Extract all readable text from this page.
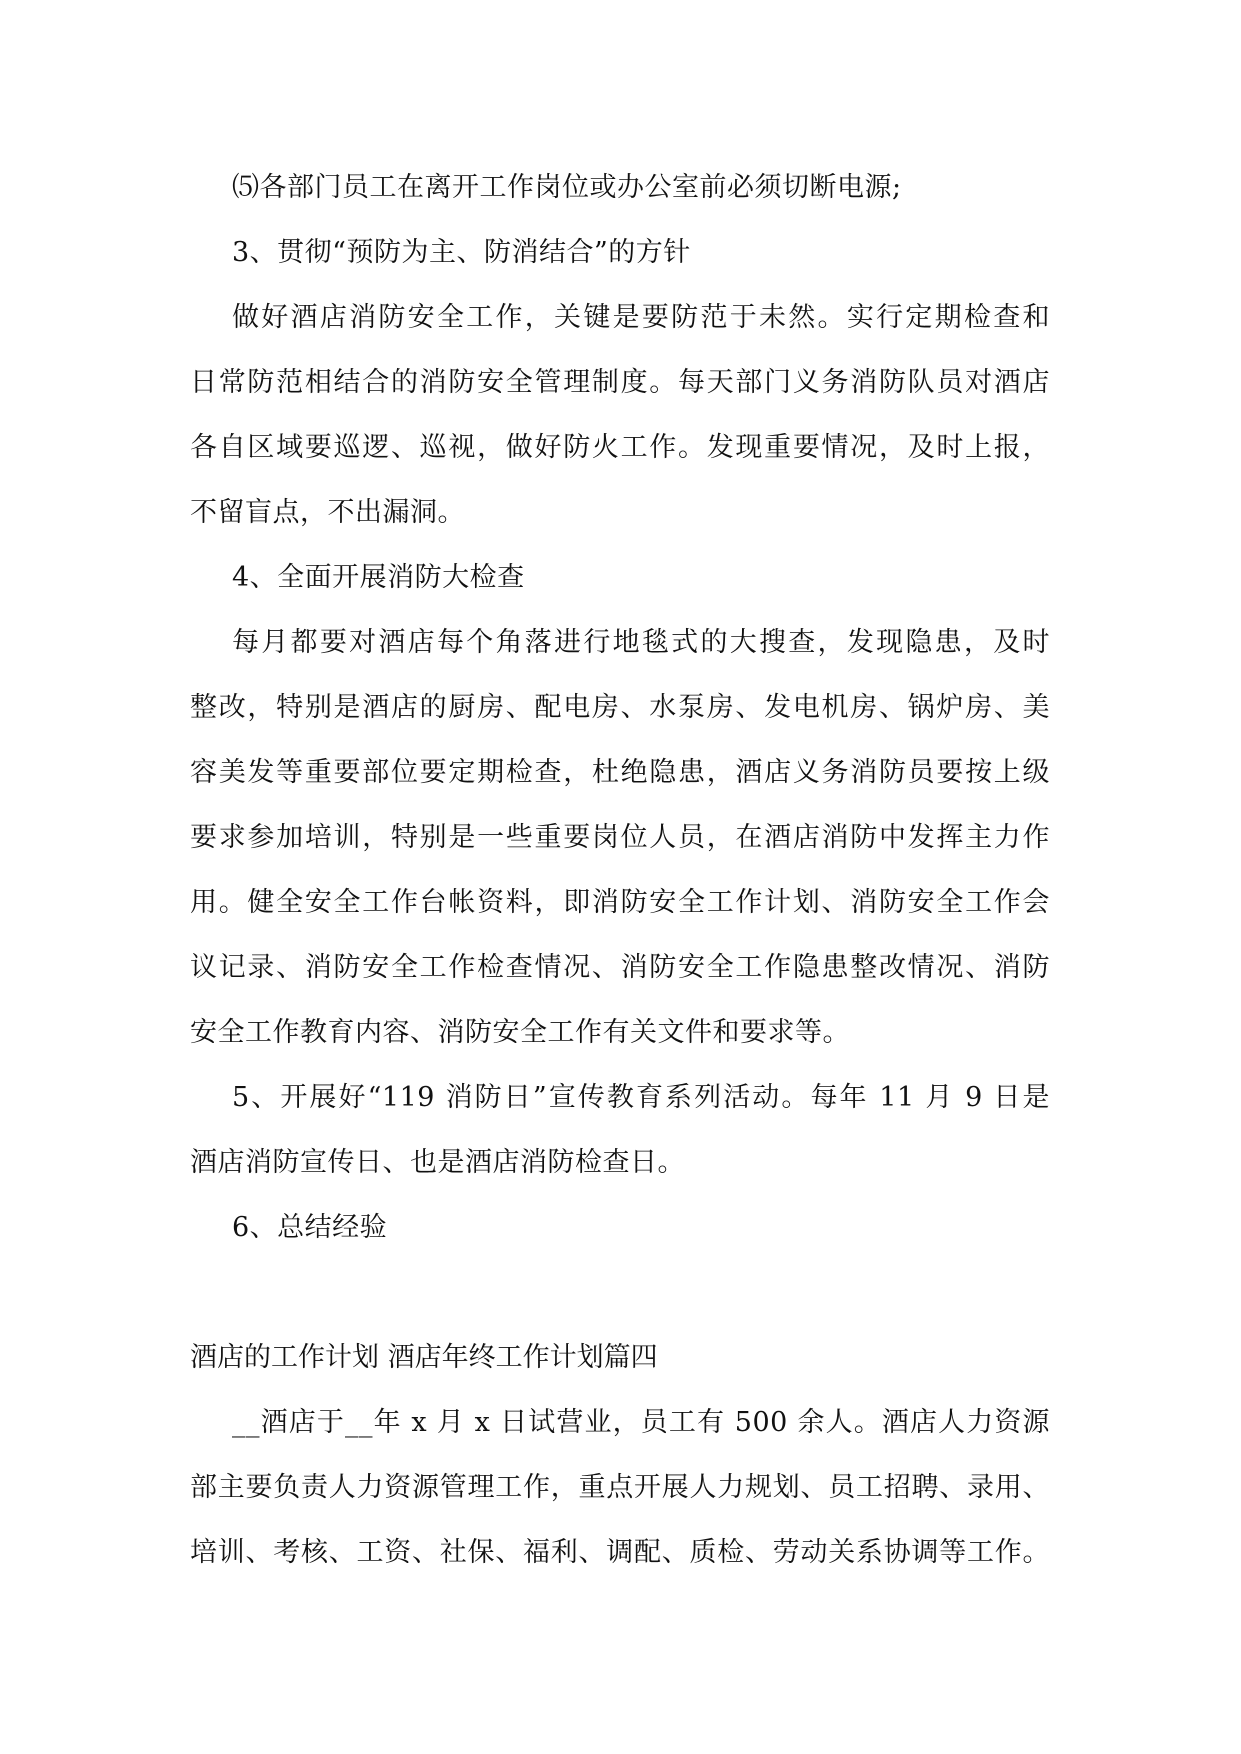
⑸各部门员工在离开工作岗位或办公室前必须切断电源;
3、贯彻“预防为主、防消结合”的方针
做好酒店消防安全工作，关键是要防范于未然。实行定期检查和
日常防范相结合的消防安全管理制度。每天部门义务消防队员对酒店
各自区域要巡逻、巡视，做好防火工作。发现重要情况，及时上报，
不留盲点，不出漏洞。
4、全面开展消防大检查
每月都要对酒店每个角落进行地毯式的大搜查，发现隐患，及时
整改，特别是酒店的厨房、配电房、水泵房、发电机房、锅炉房、美
容美发等重要部位要定期检查，杜绝隐患，酒店义务消防员要按上级
要求参加培训，特别是一些重要岗位人员，在酒店消防中发挥主力作
用。健全安全工作台帐资料，即消防安全工作计划、消防安全工作会
议记录、消防安全工作检查情况、消防安全工作隐患整改情况、消防
安全工作教育内容、消防安全工作有关文件和要求等。
5、开展好“119 消防日”宣传教育系列活动。每年 11 月 9 日是
酒店消防宣传日、也是酒店消防检查日。
6、总结经验
酒店的工作计划 酒店年终工作计划篇四
__酒店于__年 x 月 x 日试营业，员工有 500 余人。酒店人力资源
部主要负责人力资源管理工作，重点开展人力规划、员工招聘、录用、
培训、考核、工资、社保、福利、调配、质检、劳动关系协调等工作。
